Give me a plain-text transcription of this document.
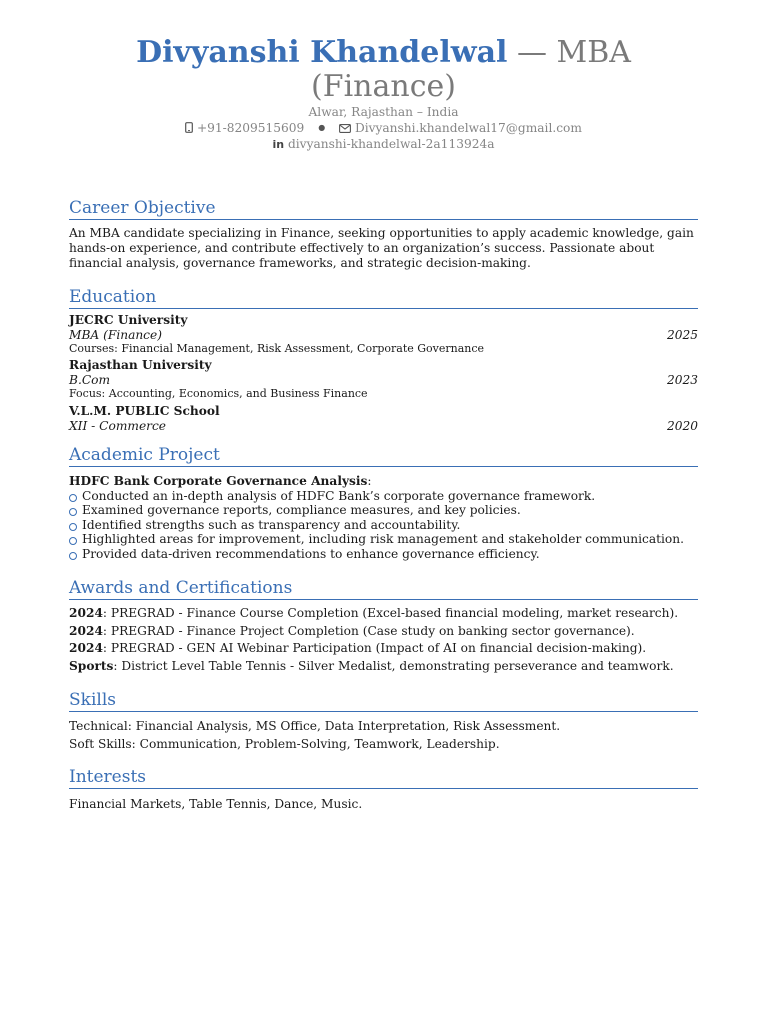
Divyanshi Khandelwal — MBA
(Finance)
Alwar, Rajasthan – India
+91-8209515609 ● Divyanshi.khandelwal17@gmail.com
in divyanshi-khandelwal-2a113924a
Career Objective
An MBA candidate specializing in Finance, seeking opportunities to apply academic knowledge, gain hands-on experience, and contribute effectively to an organization’s success. Passionate about financial analysis, governance frameworks, and strategic decision-making.
Education
JECRC University
MBA (Finance)	2025
Courses: Financial Management, Risk Assessment, Corporate Governance
Rajasthan University
B.Com	2023
Focus: Accounting, Economics, and Business Finance
V.L.M. PUBLIC School
XII - Commerce	2020
Academic Project
HDFC Bank Corporate Governance Analysis:
Conducted an in-depth analysis of HDFC Bank’s corporate governance framework.
Examined governance reports, compliance measures, and key policies.
Identified strengths such as transparency and accountability.
Highlighted areas for improvement, including risk management and stakeholder communication.
Provided data-driven recommendations to enhance governance efficiency.
Awards and Certifications
2024: PREGRAD - Finance Course Completion (Excel-based financial modeling, market research).
2024: PREGRAD - Finance Project Completion (Case study on banking sector governance).
2024: PREGRAD - GEN AI Webinar Participation (Impact of AI on financial decision-making).
Sports: District Level Table Tennis - Silver Medalist, demonstrating perseverance and teamwork.
Skills
Technical: Financial Analysis, MS Office, Data Interpretation, Risk Assessment.
Soft Skills: Communication, Problem-Solving, Teamwork, Leadership.
Interests
Financial Markets, Table Tennis, Dance, Music.
